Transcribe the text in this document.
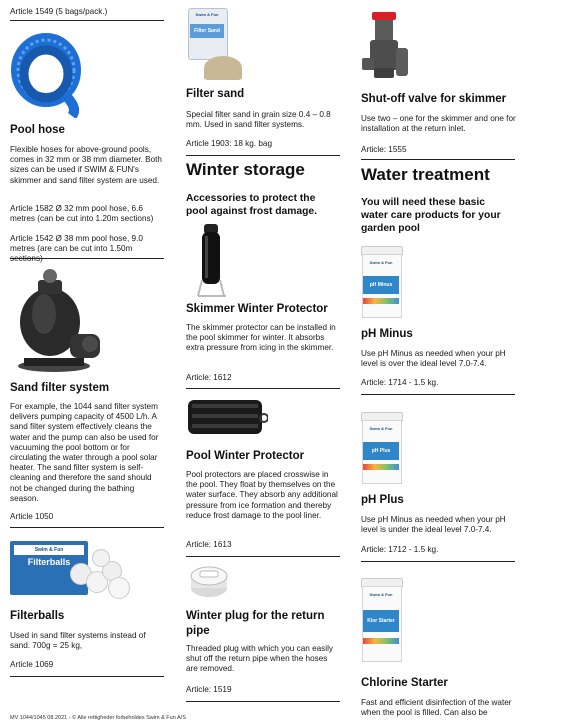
Article 1549 (5 bags/pack.)

Pool hose

Flexible hoses for above-ground pools, comes in 32 mm or 38 mm diameter. Both sizes can be used if SWIM & FUN's skimmer and sand filter system are used.

Article 1582 Ø 32 mm pool hose, 6.6 metres (can be cut into 1.20m sections)

Article 1542 Ø 38 mm pool hose, 9.0 metres (are can be cut into 1.50m sections)

Sand filter system

For example, the 1044 sand filter system delivers pumping capacity of 4500 L/h. A sand filter system effectively cleans the water and the pump can also be used for vacuuming the pool bottom or for circulating the water through a pool solar heater. The sand filter system is self-cleaning and therefore the sand should not be changed during the bathing season.

Article 1050

Swim & Fun
Filterballs

Filterballs

Used in sand filter systems instead of sand. 700g = 25 kg,

Article 1069

MV 1044/1045 08.2021 - © Alle rettigheder forbeholdes Swim & Fun A/S

Swim & Fun
Filter Sand

Filter sand

Special filter sand in grain size 0.4 – 0.8 mm. Used in sand filter systems.

Article 1903: 18 kg. bag

Winter storage

Accessories to protect the pool against frost damage.

Skimmer Winter Protector

The skimmer protector can be installed in the pool skimmer for winter. It absorbs extra pressure from icing in the skimmer.

Article: 1612

Pool Winter Protector

Pool protectors are placed crosswise in the pool. They float by themselves on the water surface. They absorb any additional pressure from ice formation and thereby reduce frost damage to the pool liner.

Article: 1613

Winter plug for the return pipe

Threaded plug with which you can easily shut off the return pipe when the hoses are removed.

Article: 1519

Shut-off valve for skimmer

Use two – one for the skimmer and one for installation at the return inlet.

Article: 1555

Water treatment

You will need these basic water care products for your garden pool

Swim & Fun
pH Minus

pH Minus

Use pH Minus as needed when your pH level is over the ideal level 7.0-7.4.

Article: 1714 - 1.5 kg.

Swim & Fun
pH Plus

pH Plus

Use pH Minus as needed when your pH level is under the ideal level 7.0-7.4.

Article: 1712 - 1.5 kg.

Swim & Fun
Klor Starter

Chlorine Starter

Fast and efficient disinfection of the water when the pool is filled. Can also be
